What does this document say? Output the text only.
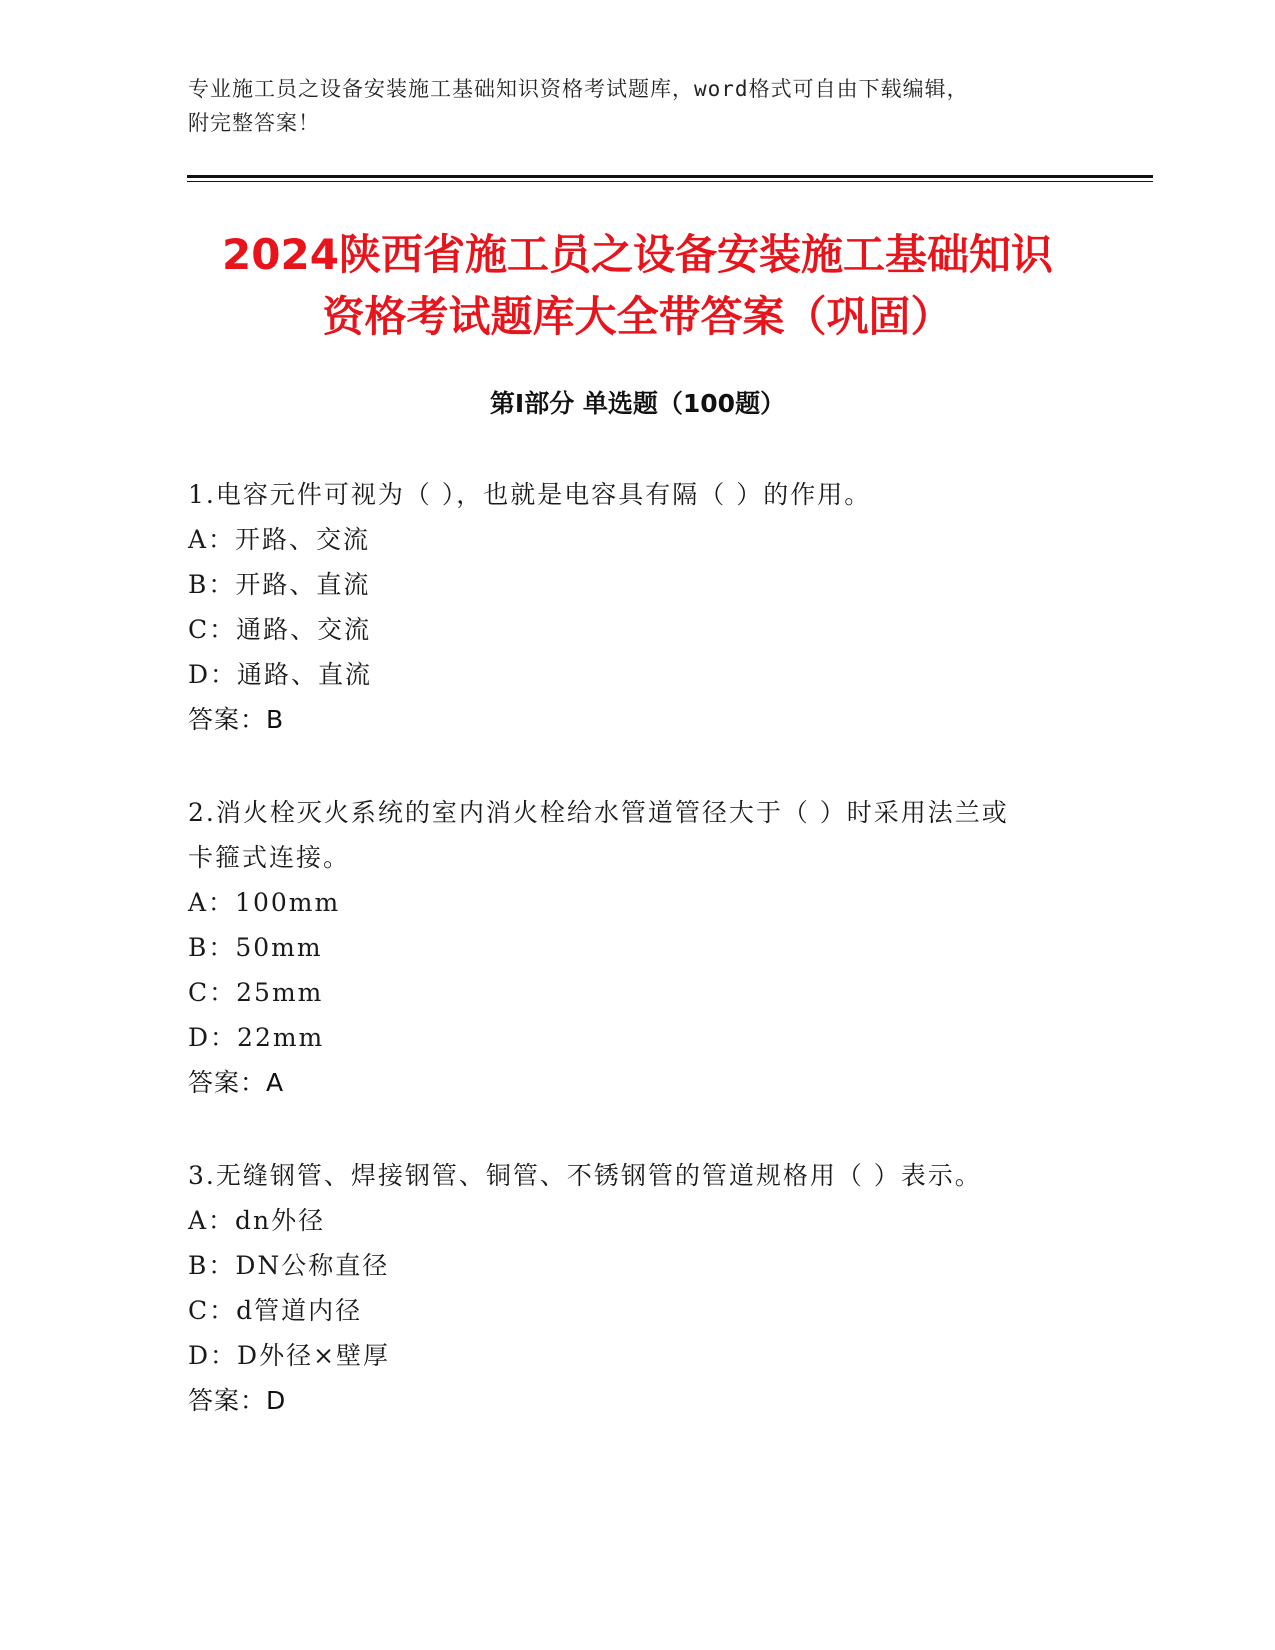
专业施工员之设备安装施工基础知识资格考试题库，word格式可自由下载编辑，
附完整答案！
2024陕西省施工员之设备安装施工基础知识
资格考试题库大全带答案（巩固）
第Ⅰ部分 单选题（100题）
1.电容元件可视为（ ），也就是电容具有隔（ ）的作用。
A：开路、交流
B：开路、直流
C：通路、交流
D：通路、直流
答案：B
2.消火栓灭火系统的室内消火栓给水管道管径大于（ ）时采用法兰或
卡箍式连接。
A：100mm
B：50mm
C：25mm
D：22mm
答案：A
3.无缝钢管、焊接钢管、铜管、不锈钢管的管道规格用（ ）表示。
A：dn外径
B：DN公称直径
C：d管道内径
D：D外径×壁厚
答案：D
